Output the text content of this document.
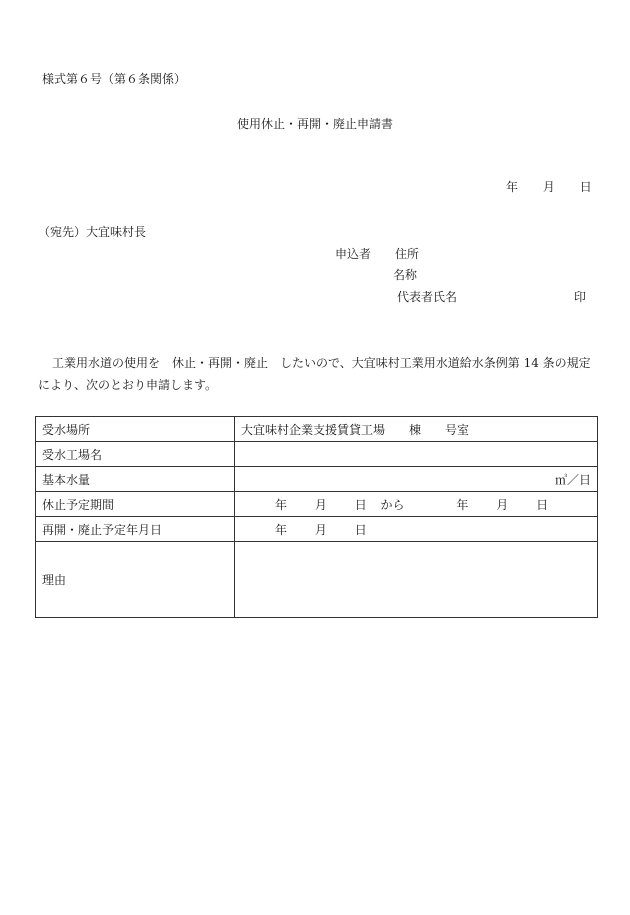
様式第６号（第６条関係）
使用休止・再開・廃止申請書
年 月 日
（宛先）大宜味村長
申込者 住所
名称
代表者氏名	印
工業用水道の使用を　休止・再開・廃止　したいので、大宜味村工業用水道給水条例第 14 条の規定により、次のとおり申請します。
受水場所	大宜味村企業支援賃貸工場　　棟　　号室
受水工場名	
基本水量	㎥／日
休止予定期間	年 月 日 から 年 月 日
再開・廃止予定年月日	年 月 日
理由	
